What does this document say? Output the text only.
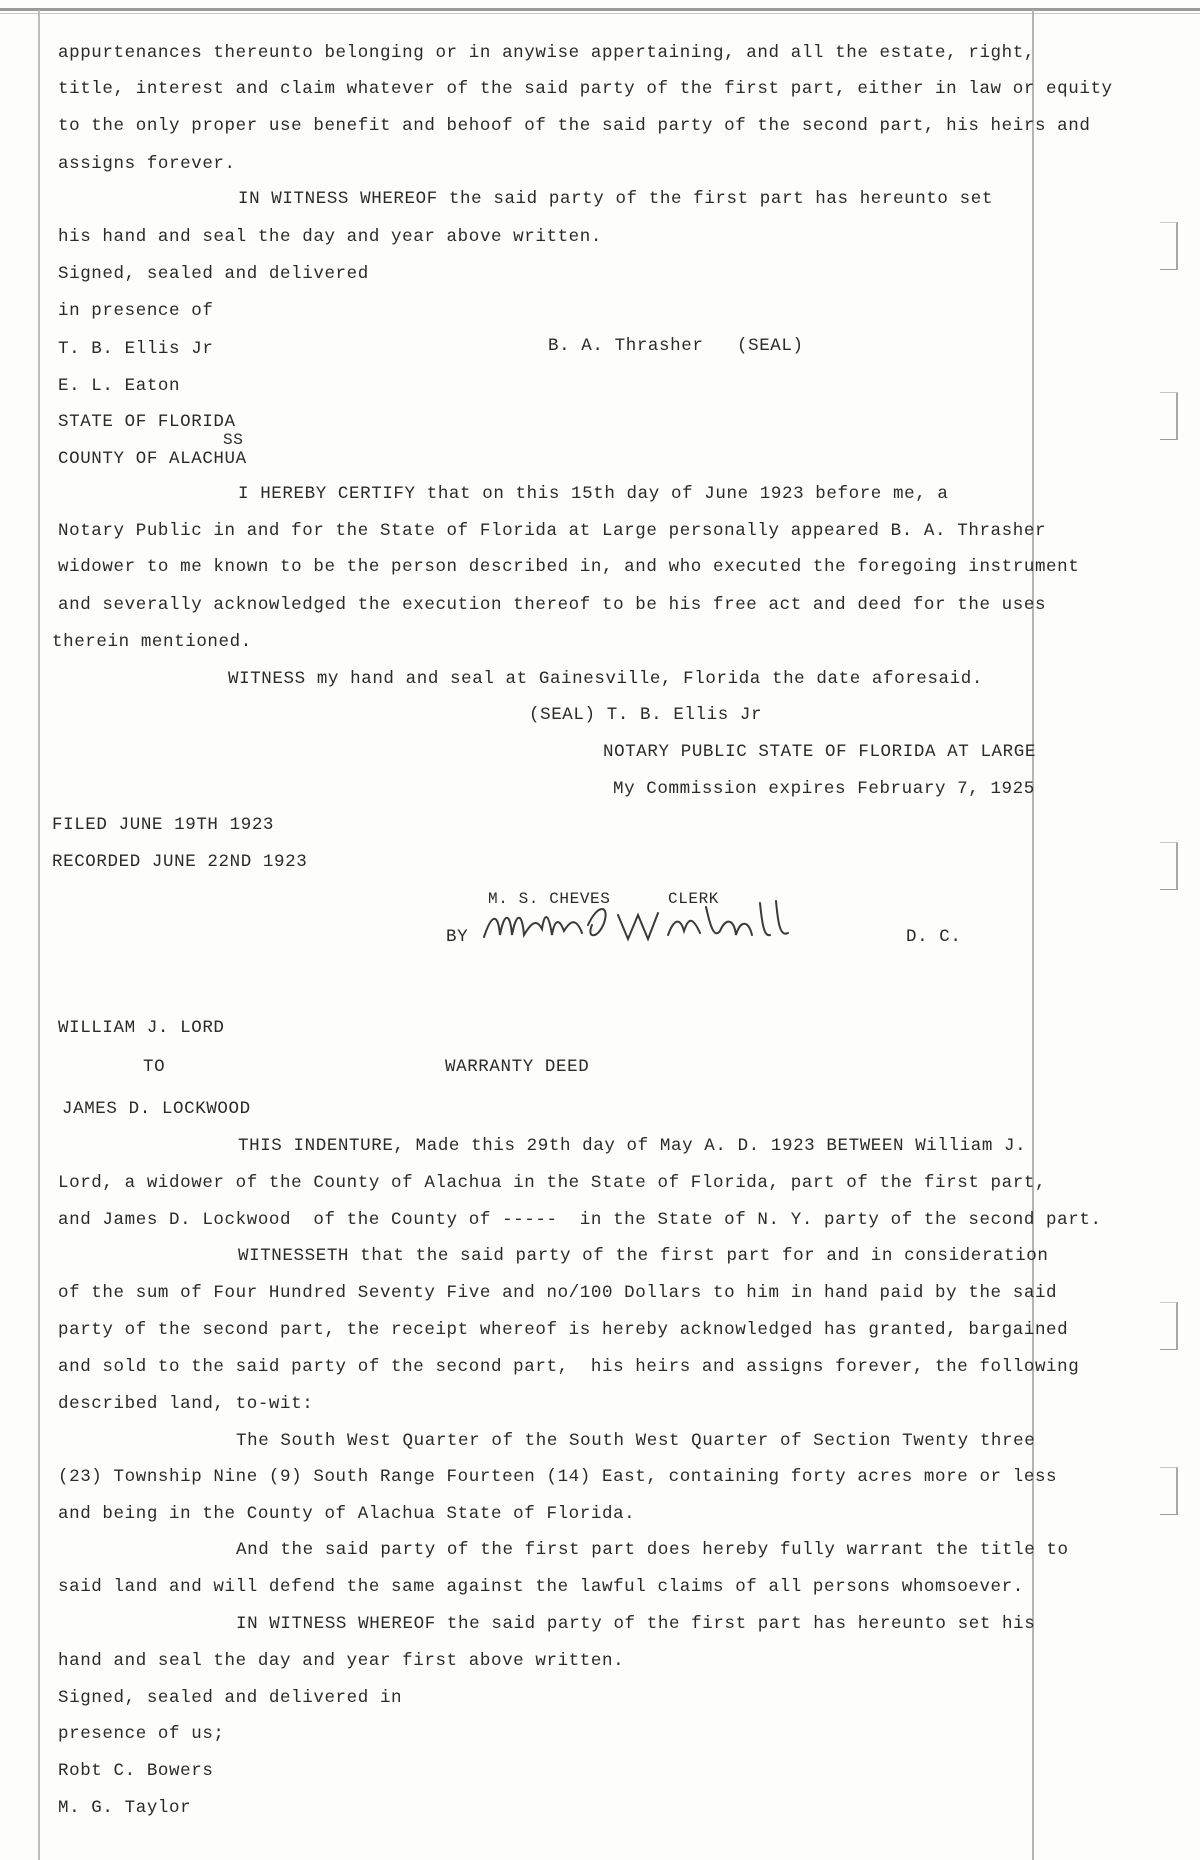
appurtenances thereunto belonging or in anywise appertaining, and all the estate, right,
title, interest and claim whatever of the said party of the first part, either in law or equity
to the only proper use benefit and behoof of the said party of the second part, his heirs and
assigns forever.
IN WITNESS WHEREOF the said party of the first part has hereunto set
his hand and seal the day and year above written.
Signed, sealed and delivered
in presence of
T. B. Ellis Jr	B. A. Thrasher (SEAL)
E. L. Eaton
STATE OF FLORIDA
SS
COUNTY OF ALACHUA
I HEREBY CERTIFY that on this 15th day of June 1923 before me, a
Notary Public in and for the State of Florida at Large personally appeared B. A. Thrasher
widower to me known to be the person described in, and who executed the foregoing instrument
and severally acknowledged the execution thereof to be his free act and deed for the uses
therein mentioned.
WITNESS my hand and seal at Gainesville, Florida the date aforesaid.
(SEAL) T. B. Ellis Jr
NOTARY PUBLIC STATE OF FLORIDA AT LARGE
My Commission expires February 7, 1925
FILED JUNE 19TH 1923
RECORDED JUNE 22ND 1923
M. S. CHEVES	CLERK
BY	D. C.
WILLIAM J. LORD
TO	WARRANTY DEED
JAMES D. LOCKWOOD
THIS INDENTURE, Made this 29th day of May A. D. 1923 BETWEEN William J.
Lord, a widower of the County of Alachua in the State of Florida, part of the first part,
and James D. Lockwood  of the County of -----  in the State of N. Y. party of the second part.
WITNESSETH that the said party of the first part for and in consideration
of the sum of Four Hundred Seventy Five and no/100 Dollars to him in hand paid by the said
party of the second part, the receipt whereof is hereby acknowledged has granted, bargained
and sold to the said party of the second part,  his heirs and assigns forever, the following
described land, to-wit:
The South West Quarter of the South West Quarter of Section Twenty three
(23) Township Nine (9) South Range Fourteen (14) East, containing forty acres more or less
and being in the County of Alachua State of Florida.
And the said party of the first part does hereby fully warrant the title to
said land and will defend the same against the lawful claims of all persons whomsoever.
IN WITNESS WHEREOF the said party of the first part has hereunto set his
hand and seal the day and year first above written.
Signed, sealed and delivered in
presence of us;
Robt C. Bowers
M. G. Taylor
